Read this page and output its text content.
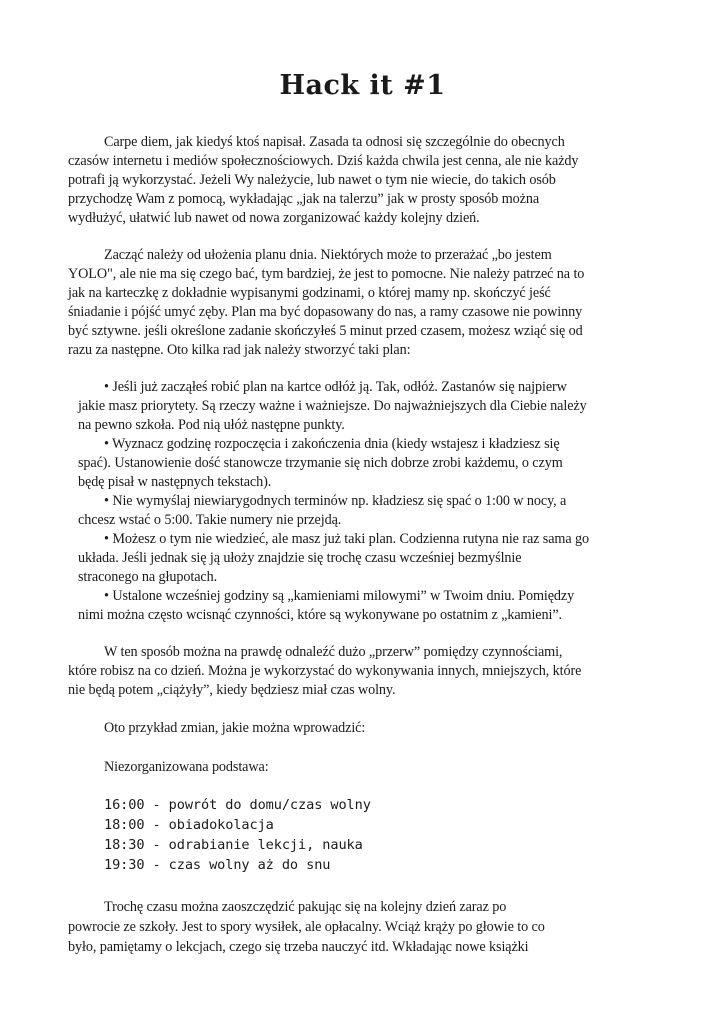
Hack it #1
Carpe diem, jak kiedyś ktoś napisał. Zasada ta odnosi się szczególnie do obecnych
czasów internetu i mediów społecznościowych. Dziś każda chwila jest cenna, ale nie każdy
potrafi ją wykorzystać. Jeżeli Wy należycie, lub nawet o tym nie wiecie, do takich osób
przychodzę Wam z pomocą, wykładając „jak na talerzu” jak w prosty sposób można
wydłużyć, ułatwić lub nawet od nowa zorganizować każdy kolejny dzień.
Zacząć należy od ułożenia planu dnia. Niektórych może to przerażać „bo jestem
YOLO", ale nie ma się czego bać, tym bardziej, że jest to pomocne. Nie należy patrzeć na to
jak na karteczkę z dokładnie wypisanymi godzinami, o której mamy np. skończyć jeść
śniadanie i pójść umyć zęby. Plan ma być dopasowany do nas, a ramy czasowe nie powinny
być sztywne. jeśli określone zadanie skończyłeś 5 minut przed czasem, możesz wziąć się od
razu za następne. Oto kilka rad jak należy stworzyć taki plan:
• Jeśli już zacząłeś robić plan na kartce odłóż ją. Tak, odłóż. Zastanów się najpierw
jakie masz priorytety. Są rzeczy ważne i ważniejsze. Do najważniejszych dla Ciebie należy
na pewno szkoła. Pod nią ułóż następne punkty.
• Wyznacz godzinę rozpoczęcia i zakończenia dnia (kiedy wstajesz i kładziesz się
spać). Ustanowienie dość stanowcze trzymanie się nich dobrze zrobi każdemu, o czym
będę pisał w następnych tekstach).
• Nie wymyślaj niewiarygodnych terminów np. kładziesz się spać o 1:00 w nocy, a
chcesz wstać o 5:00. Takie numery nie przejdą.
• Możesz o tym nie wiedzieć, ale masz już taki plan. Codzienna rutyna nie raz sama go
układa. Jeśli jednak się ją ułoży znajdzie się trochę czasu wcześniej bezmyślnie
straconego na głupotach.
• Ustalone wcześniej godziny są „kamieniami milowymi” w Twoim dniu. Pomiędzy
nimi można często wcisnąć czynności, które są wykonywane po ostatnim z „kamieni”.
W ten sposób można na prawdę odnaleźć dużo „przerw” pomiędzy czynnościami,
które robisz na co dzień. Można je wykorzystać do wykonywania innych, mniejszych, które
nie będą potem „ciążyły”, kiedy będziesz miał czas wolny.
Oto przykład zmian, jakie można wprowadzić:
Niezorganizowana podstawa:
16:00 - powrót do domu/czas wolny
18:00 - obiadokolacja
18:30 - odrabianie lekcji, nauka
19:30 - czas wolny aż do snu
Trochę czasu można zaoszczędzić pakując się na kolejny dzień zaraz po
powrocie ze szkoły. Jest to spory wysiłek, ale opłacalny. Wciąż krąży po głowie to co
było, pamiętamy o lekcjach, czego się trzeba nauczyć itd. Wkładając nowe książki
